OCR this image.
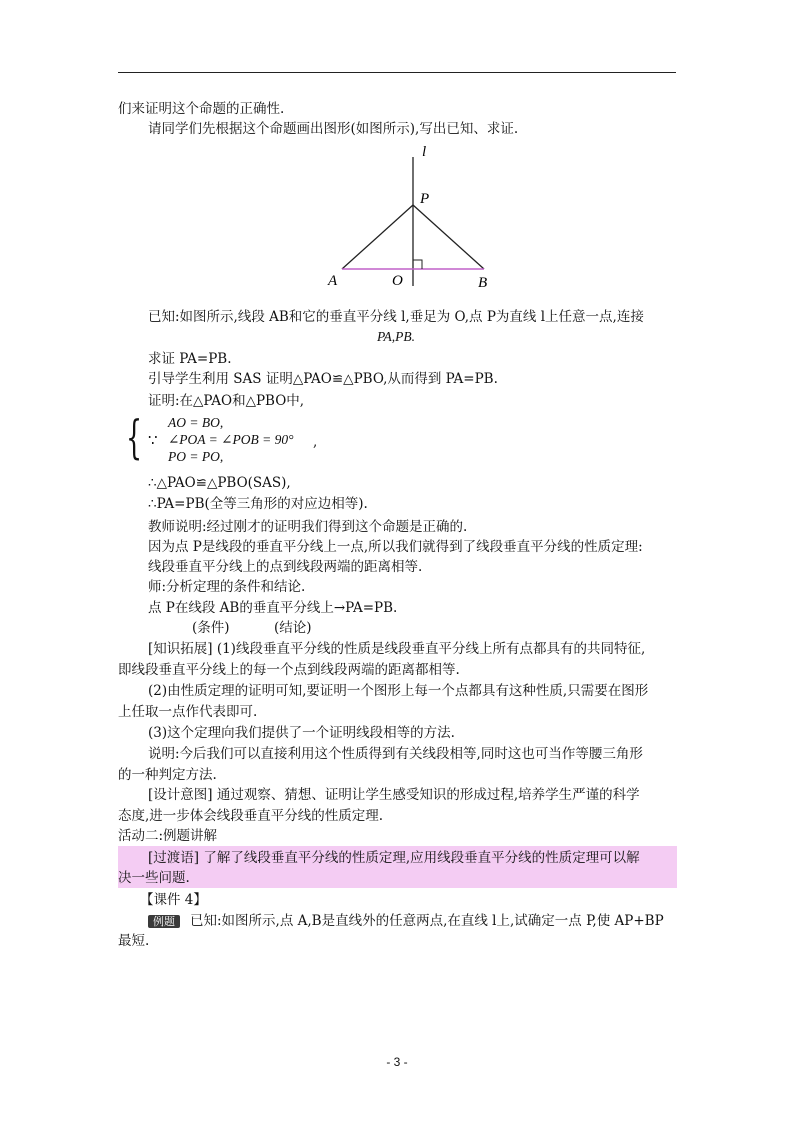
们来证明这个命题的正确性.
请同学们先根据这个命题画出图形(如图所示),写出已知、求证.
l
P
A	O	B
已知:如图所示,线段 AB和它的垂直平分线 l,垂足为 O,点 P为直线 l上任意一点,连接
PA,PB.
求证 PA=PB.
引导学生利用 SAS 证明△PAO≌△PBO,从而得到 PA=PB.
证明:在△PAO和△PBO中,
∵
{ AO = BO,
∠POA = ∠POB = 90° ,
PO = PO,
∴△PAO≌△PBO(SAS),
∴PA=PB(全等三角形的对应边相等).
教师说明:经过刚才的证明我们得到这个命题是正确的.
因为点 P是线段的垂直平分线上一点,所以我们就得到了线段垂直平分线的性质定理:
线段垂直平分线上的点到线段两端的距离相等.
师:分析定理的条件和结论.
点 P在线段 AB的垂直平分线上→PA=PB.
(条件)	(结论)
[知识拓展] (1)线段垂直平分线的性质是线段垂直平分线上所有点都具有的共同特征,
即线段垂直平分线上的每一个点到线段两端的距离都相等.
(2)由性质定理的证明可知,要证明一个图形上每一个点都具有这种性质,只需要在图形
上任取一点作代表即可.
(3)这个定理向我们提供了一个证明线段相等的方法.
说明:今后我们可以直接利用这个性质得到有关线段相等,同时这也可当作等腰三角形
的一种判定方法.
[设计意图] 通过观察、猜想、证明让学生感受知识的形成过程,培养学生严谨的科学
态度,进一步体会线段垂直平分线的性质定理.
活动二:例题讲解
[过渡语] 了解了线段垂直平分线的性质定理,应用线段垂直平分线的性质定理可以解
决一些问题.
【课件 4】
例题 已知:如图所示,点 A,B是直线外的任意两点,在直线 l上,试确定一点 P,使 AP+BP
最短.
- 3 -
